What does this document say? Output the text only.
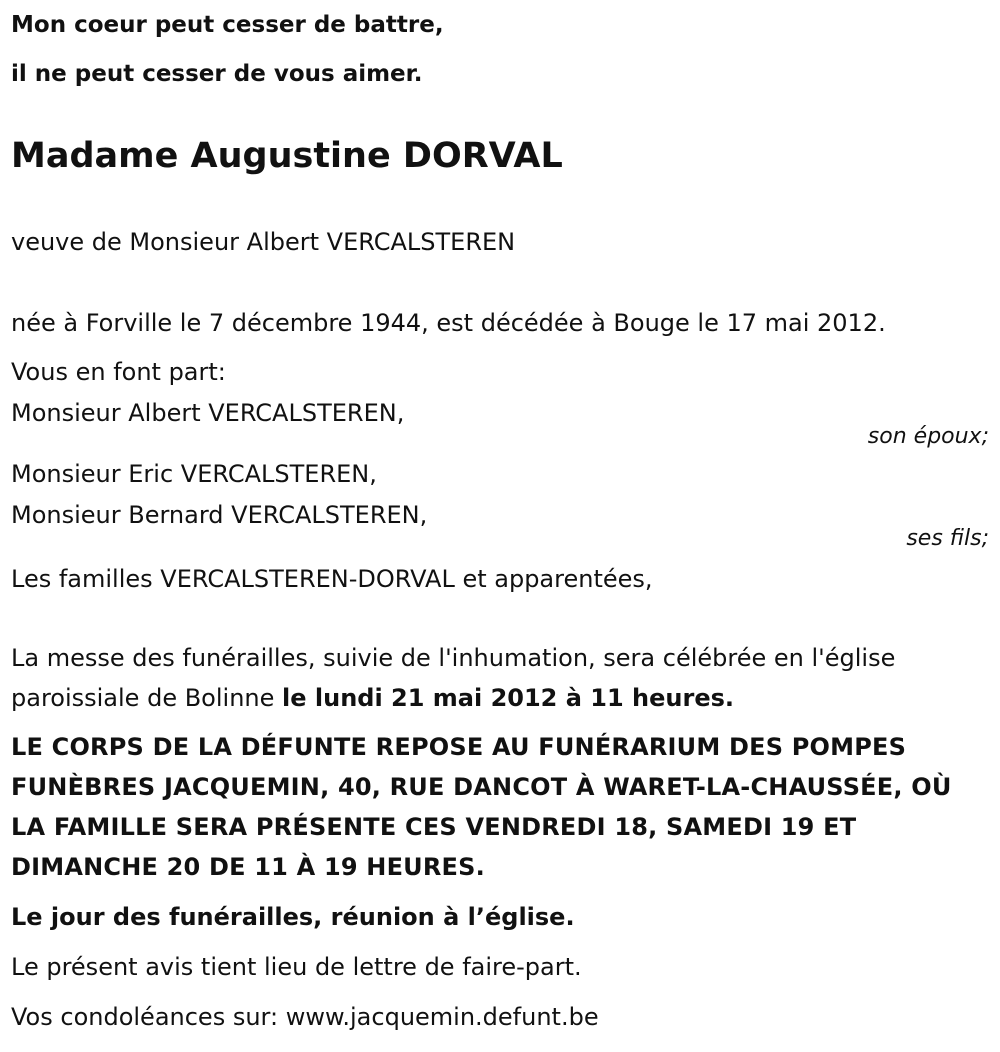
Mon coeur peut cesser de battre,
il ne peut cesser de vous aimer.
Madame Augustine DORVAL
veuve de Monsieur Albert VERCALSTEREN
née à Forville le 7 décembre 1944, est décédée à Bouge le 17 mai 2012.
Vous en font part:
Monsieur Albert VERCALSTEREN,
son époux;
Monsieur Eric VERCALSTEREN,
Monsieur Bernard VERCALSTEREN,
ses fils;
Les familles VERCALSTEREN-DORVAL et apparentées,
La messe des funérailles, suivie de l'inhumation, sera célébrée en l'église
paroissiale de Bolinne le lundi 21 mai 2012 à 11 heures.
LE CORPS DE LA DÉFUNTE REPOSE AU FUNÉRARIUM DES POMPES
FUNÈBRES JACQUEMIN, 40, RUE DANCOT À WARET-LA-CHAUSSÉE, OÙ
LA FAMILLE SERA PRÉSENTE CES VENDREDI 18, SAMEDI 19 ET
DIMANCHE 20 DE 11 À 19 HEURES.
Le jour des funérailles, réunion à l’église.
Le présent avis tient lieu de lettre de faire-part.
Vos condoléances sur: www.jacquemin.defunt.be
